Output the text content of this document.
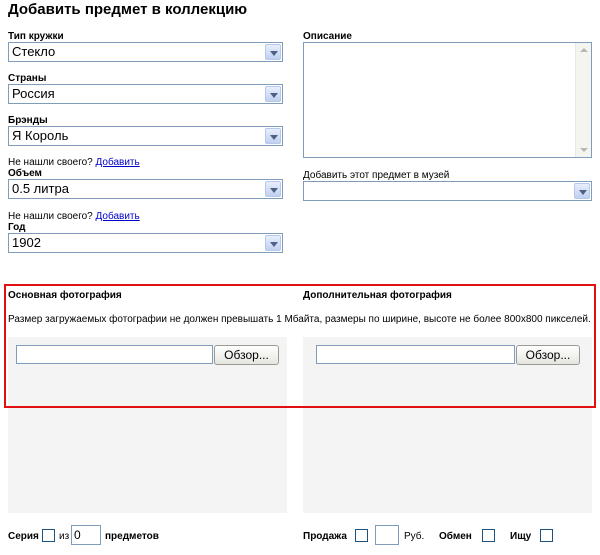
Добавить предмет в коллекцию
Тип кружки
Стекло
Страны
Россия
Брэнды
Я Король
Не нашли своего? Добавить
Объем
0.5 литра
Не нашли своего? Добавить
Год
1902
Описание
Добавить этот предмет в музей
Основная фотография	Дополнительная фотография
Размер загружаемых фотографии не должен превышать 1 Мбайта, размеры по ширине, высоте не более 800x800 пикселей.
Обзор...	Обзор...
Серия из 0	предметов	Продажа	Руб. Обмен	Ищу
